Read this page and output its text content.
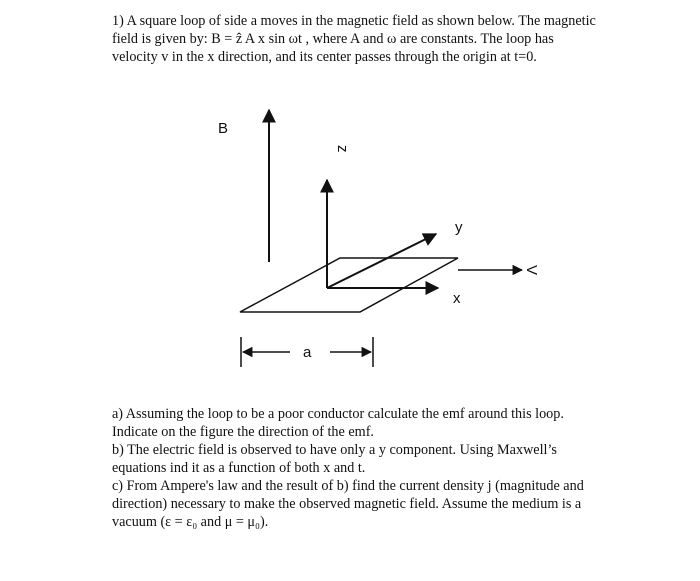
1) A square loop of side a moves in the magnetic field as shown below. The magnetic
field is given by: B = ẑ A x sin ωt , where A and ω are constants. The loop has
velocity v in the x direction, and its center passes through the origin at t=0.
B
z
y
x
V
a
a) Assuming the loop to be a poor conductor calculate the emf around this loop.
Indicate on the figure the direction of the emf.
b) The electric field is observed to have only a y component. Using Maxwell’s
equations ind it as a function of both x and t.
c) From Ampere's law and the result of b) find the current density j (magnitude and
direction) necessary to make the observed magnetic field. Assume the medium is a
vacuum (ε = ε₀ and μ = μ₀).
